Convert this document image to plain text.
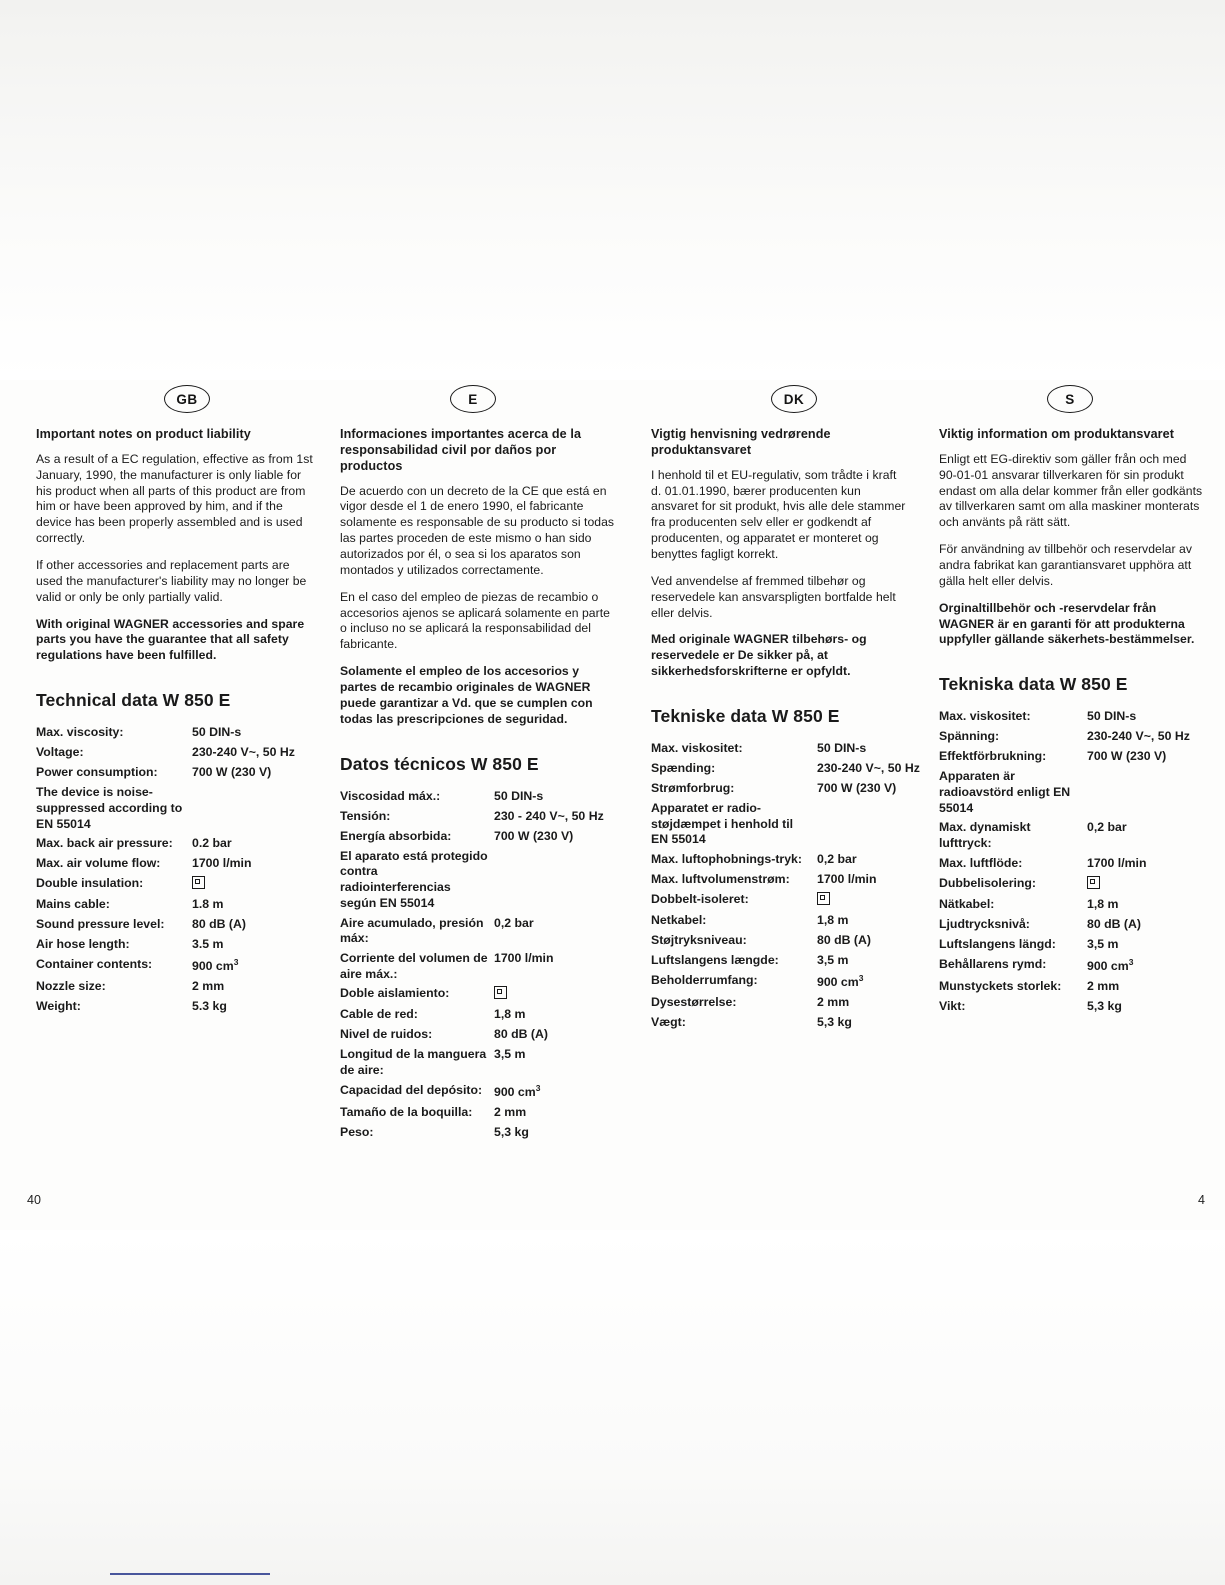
GB
Important notes on product liability

As a result of a EC regulation, effective as from 1st January, 1990, the manufacturer is only liable for his product when all parts of this product are from him or have been approved by him, and if the device has been properly assembled and is used correctly.

If other accessories and replacement parts are used the manufacturer's liability may no longer be valid or only be only partially valid.

With original WAGNER accessories and spare parts you have the guarantee that all safety regulations have been fulfilled.

Technical data W 850 E
Max. viscosity:	50 DIN-s
Voltage:	230-240 V~, 50 Hz
Power consumption:	700 W (230 V)
The device is noise-suppressed according to EN 55014
Max. back air pressure:	0.2 bar
Max. air volume flow:	1700 l/min
Double insulation:
Mains cable:	1.8 m
Sound pressure level:	80 dB (A)
Air hose length:	3.5 m
Container contents:	900 $cm^3$
Nozzle size:	2 mm
Weight:	5.3 kg
E
Informaciones importantes acerca de la responsabilidad civil por daños por productos

De acuerdo con un decreto de la CE que está en vigor desde el 1 de enero 1990, el fabricante solamente es responsable de su producto si todas las partes proceden de este mismo o han sido autorizados por él, o sea si los aparatos son montados y utilizados correctamente.

En el caso del empleo de piezas de recambio o accesorios ajenos se aplicará solamente en parte o incluso no se aplicará la responsabilidad del fabricante.

Solamente el empleo de los accesorios y partes de recambio originales de WAGNER puede garantizar a Vd. que se cumplen con todas las prescripciones de seguridad.

Datos técnicos W 850 E
Viscosidad máx.:	50 DIN-s
Tensión:	230 - 240 V~, 50 Hz
Energía absorbida:	700 W (230 V)
El aparato está protegido contra radiointerferencias según EN 55014
Aire acumulado, presión máx:
0,2 bar
Corriente del volumen de aire máx.:
1700 l/min
Doble aislamiento:
Cable de red:	1,8 m
Nivel de ruidos:	80 dB (A)
Longitud de la manguera de aire:
3,5 m
Capacidad del depósito: 900 $cm^3$
Tamaño de la boquilla:	2 mm
Peso:	5,3 kg
DK
Vigtig henvisning vedrørende produktansvaret

I henhold til et EU-regulativ, som trådte i kraft d. 01.01.1990, bærer producenten kun ansvaret for sit produkt, hvis alle dele stammer fra producenten selv eller er godkendt af producenten, og apparatet er monteret og benyttes fagligt korrekt.

Ved anvendelse af fremmed tilbehør og reservedele kan ansvarspligten bortfalde helt eller delvis.

Med originale WAGNER tilbehørs- og reservedele er De sikker på, at sikkerhedsforskrifterne er opfyldt.

Tekniske data W 850 E
Max. viskositet:	50 DIN-s
Spænding:	230-240 V~, 50 Hz
Strømforbrug:	700 W (230 V)
Apparatet er radio-støjdæmpet i henhold til EN 55014
Max. luftophobnings-tryk:	0,2 bar
Max. luftvolumenstrøm:	1700 l/min
Dobbelt-isoleret:
Netkabel:	1,8 m
Støjtryksniveau:	80 dB (A)
Luftslangens længde:	3,5 m
Beholderrumfang:	900 $cm^3$
Dysestørrelse:	2 mm
Vægt:	5,3 kg
S
Viktig information om produktansvaret

Enligt ett EG-direktiv som gäller från och med 90-01-01 ansvarar tillverkaren för sin produkt endast om alla delar kommer från eller godkänts av tillverkaren samt om alla maskiner monterats och använts på rätt sätt.

För användning av tillbehör och reservdelar av andra fabrikat kan garantiansvaret upphöra att gälla helt eller delvis.

Orginaltillbehör och -reservdelar från WAGNER är en garanti för att produkterna uppfyller gällande säkerhets-bestämmelser.

Tekniska data W 850 E
Max. viskositet:	50 DIN-s
Spänning:	230-240 V~, 50 Hz
Effektförbrukning:	700 W (230 V)
Apparaten är radioavstörd enligt EN 55014
Max. dynamiskt lufttryck:
0,2 bar
Max. luftflöde:	1700 l/min
Dubbelisolering:
Nätkabel:	1,8 m
Ljudtrycksnivå:	80 dB (A)
Luftslangens längd:	3,5 m
Behållarens rymd:	900 $cm^3$
Munstyckets storlek:	2 mm
Vikt:	5,3 kg
40	4
